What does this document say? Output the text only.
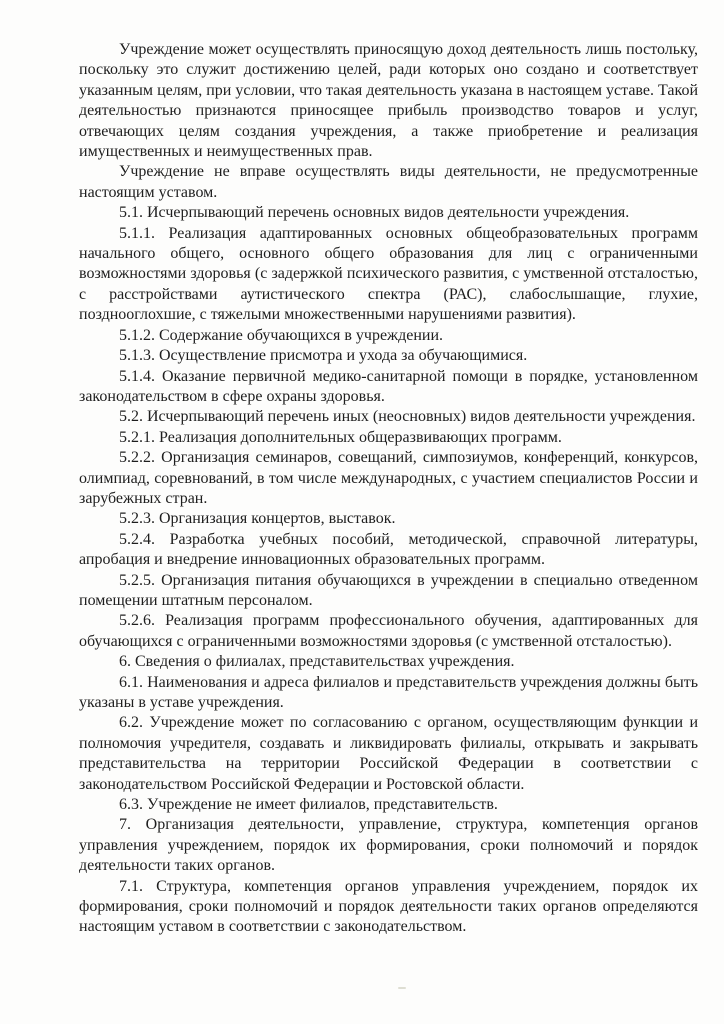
Учреждение может осуществлять приносящую доход деятельность лишь постольку, поскольку это служит достижению целей, ради которых оно создано и соответствует указанным целям, при условии, что такая деятельность указана в настоящем уставе. Такой деятельностью признаются приносящее прибыль производство товаров и услуг, отвечающих целям создания учреждения, а также приобретение и реализация имущественных и неимущественных прав.

Учреждение не вправе осуществлять виды деятельности, не предусмотренные настоящим уставом.

5.1. Исчерпывающий перечень основных видов деятельности учреждения.

5.1.1. Реализация адаптированных основных общеобразовательных программ начального общего, основного общего образования для лиц с ограниченными возможностями здоровья (с задержкой психического развития, с умственной отсталостью, с расстройствами аутистического спектра (РАС), слабослышащие, глухие, позднооглохшие, с тяжелыми множественными нарушениями развития).

5.1.2. Содержание обучающихся в учреждении.

5.1.3. Осуществление присмотра и ухода за обучающимися.

5.1.4. Оказание первичной медико-санитарной помощи в порядке, установленном законодательством в сфере охраны здоровья.

5.2. Исчерпывающий перечень иных (неосновных) видов деятельности учреждения.

5.2.1. Реализация дополнительных общеразвивающих программ.

5.2.2. Организация семинаров, совещаний, симпозиумов, конференций, конкурсов, олимпиад, соревнований, в том числе международных, с участием специалистов России и зарубежных стран.

5.2.3. Организация концертов, выставок.

5.2.4. Разработка учебных пособий, методической, справочной литературы, апробация и внедрение инновационных образовательных программ.

5.2.5. Организация питания обучающихся в учреждении в специально отведенном помещении штатным персоналом.

5.2.6. Реализация программ профессионального обучения, адаптированных для обучающихся с ограниченными возможностями здоровья (с умственной отсталостью).

6. Сведения о филиалах, представительствах учреждения.

6.1. Наименования и адреса филиалов и представительств учреждения должны быть указаны в уставе учреждения.

6.2. Учреждение может по согласованию с органом, осуществляющим функции и полномочия учредителя, создавать и ликвидировать филиалы, открывать и закрывать представительства на территории Российской Федерации в соответствии с законодательством Российской Федерации и Ростовской области.

6.3. Учреждение не имеет филиалов, представительств.

7. Организация деятельности, управление, структура, компетенция органов управления учреждением, порядок их формирования, сроки полномочий и порядок деятельности таких органов.

7.1. Структура, компетенция органов управления учреждением, порядок их формирования, сроки полномочий и порядок деятельности таких органов определяются настоящим уставом в соответствии с законодательством.
